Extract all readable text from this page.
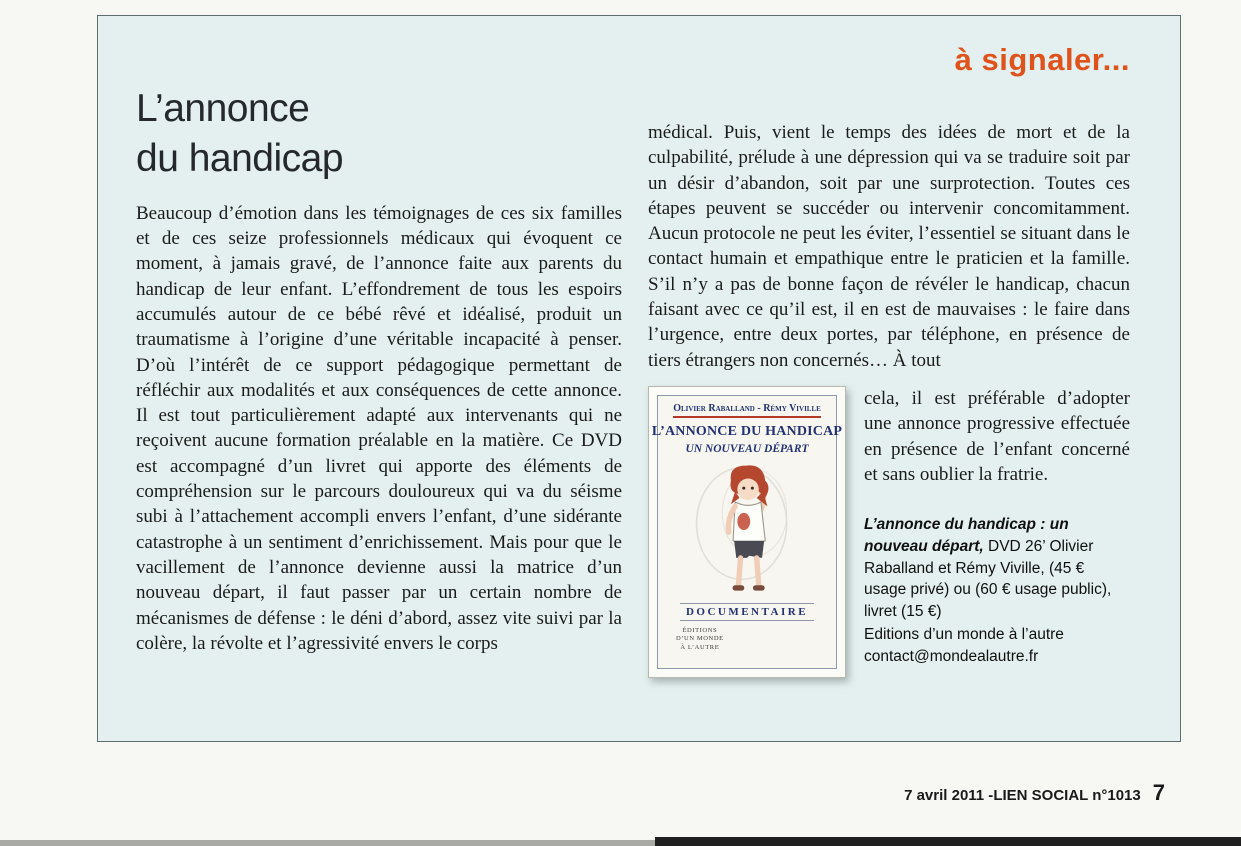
à signaler...
L’annonce
du handicap

Beaucoup d’émotion dans les témoignages de ces six familles et de ces seize professionnels médicaux qui évoquent ce moment, à jamais gravé, de l’annonce faite aux parents du handicap de leur enfant. L’effondrement de tous les espoirs accumulés autour de ce bébé rêvé et idéalisé, produit un traumatisme à l’origine d’une véritable incapacité à penser. D’où l’intérêt de ce support pédagogique permettant de réfléchir aux modalités et aux conséquences de cette annonce. Il est tout particulièrement adapté aux intervenants qui ne reçoivent aucune formation préalable en la matière. Ce DVD est accompagné d’un livret qui apporte des éléments de compréhension sur le parcours douloureux qui va du séisme subi à l’attachement accompli envers l’enfant, d’une sidérante catastrophe à un sentiment d’enrichissement. Mais pour que le vacillement de l’annonce devienne aussi la matrice d’un nouveau départ, il faut passer par un certain nombre de mécanismes de défense : le déni d’abord, assez vite suivi par la colère, la révolte et l’agressivité envers le corps

médical. Puis, vient le temps des idées de mort et de la culpabilité, prélude à une dépression qui va se traduire soit par un désir d’abandon, soit par une surprotection. Toutes ces étapes peuvent se succéder ou intervenir concomitamment. Aucun protocole ne peut les éviter, l’essentiel se situant dans le contact humain et empathique entre le praticien et la famille. S’il n’y a pas de bonne façon de révéler le handicap, chacun faisant avec ce qu’il est, il en est de mauvaises : le faire dans l’urgence, entre deux portes, par téléphone, en présence de tiers étrangers non concernés… À tout

Olivier Raballand - Rémy Viville
L’ANNONCE DU HANDICAP
UN NOUVEAU DÉPART
DOCUMENTAIRE
ÉDITIONS
D’UN MONDE
À L’AUTRE

cela, il est préférable d’adopter une annonce progressive effectuée en présence de l’enfant concerné et sans oublier la fratrie.

L’annonce du handicap : un nouveau départ, DVD 26’ Olivier Raballand et Rémy Viville, (45 € usage privé) ou (60 € usage public), livret (15 €)
Editions d’un monde à l’autre
contact@mondealautre.fr
7 avril 2011 - LIEN SOCIAL n°1013 7
